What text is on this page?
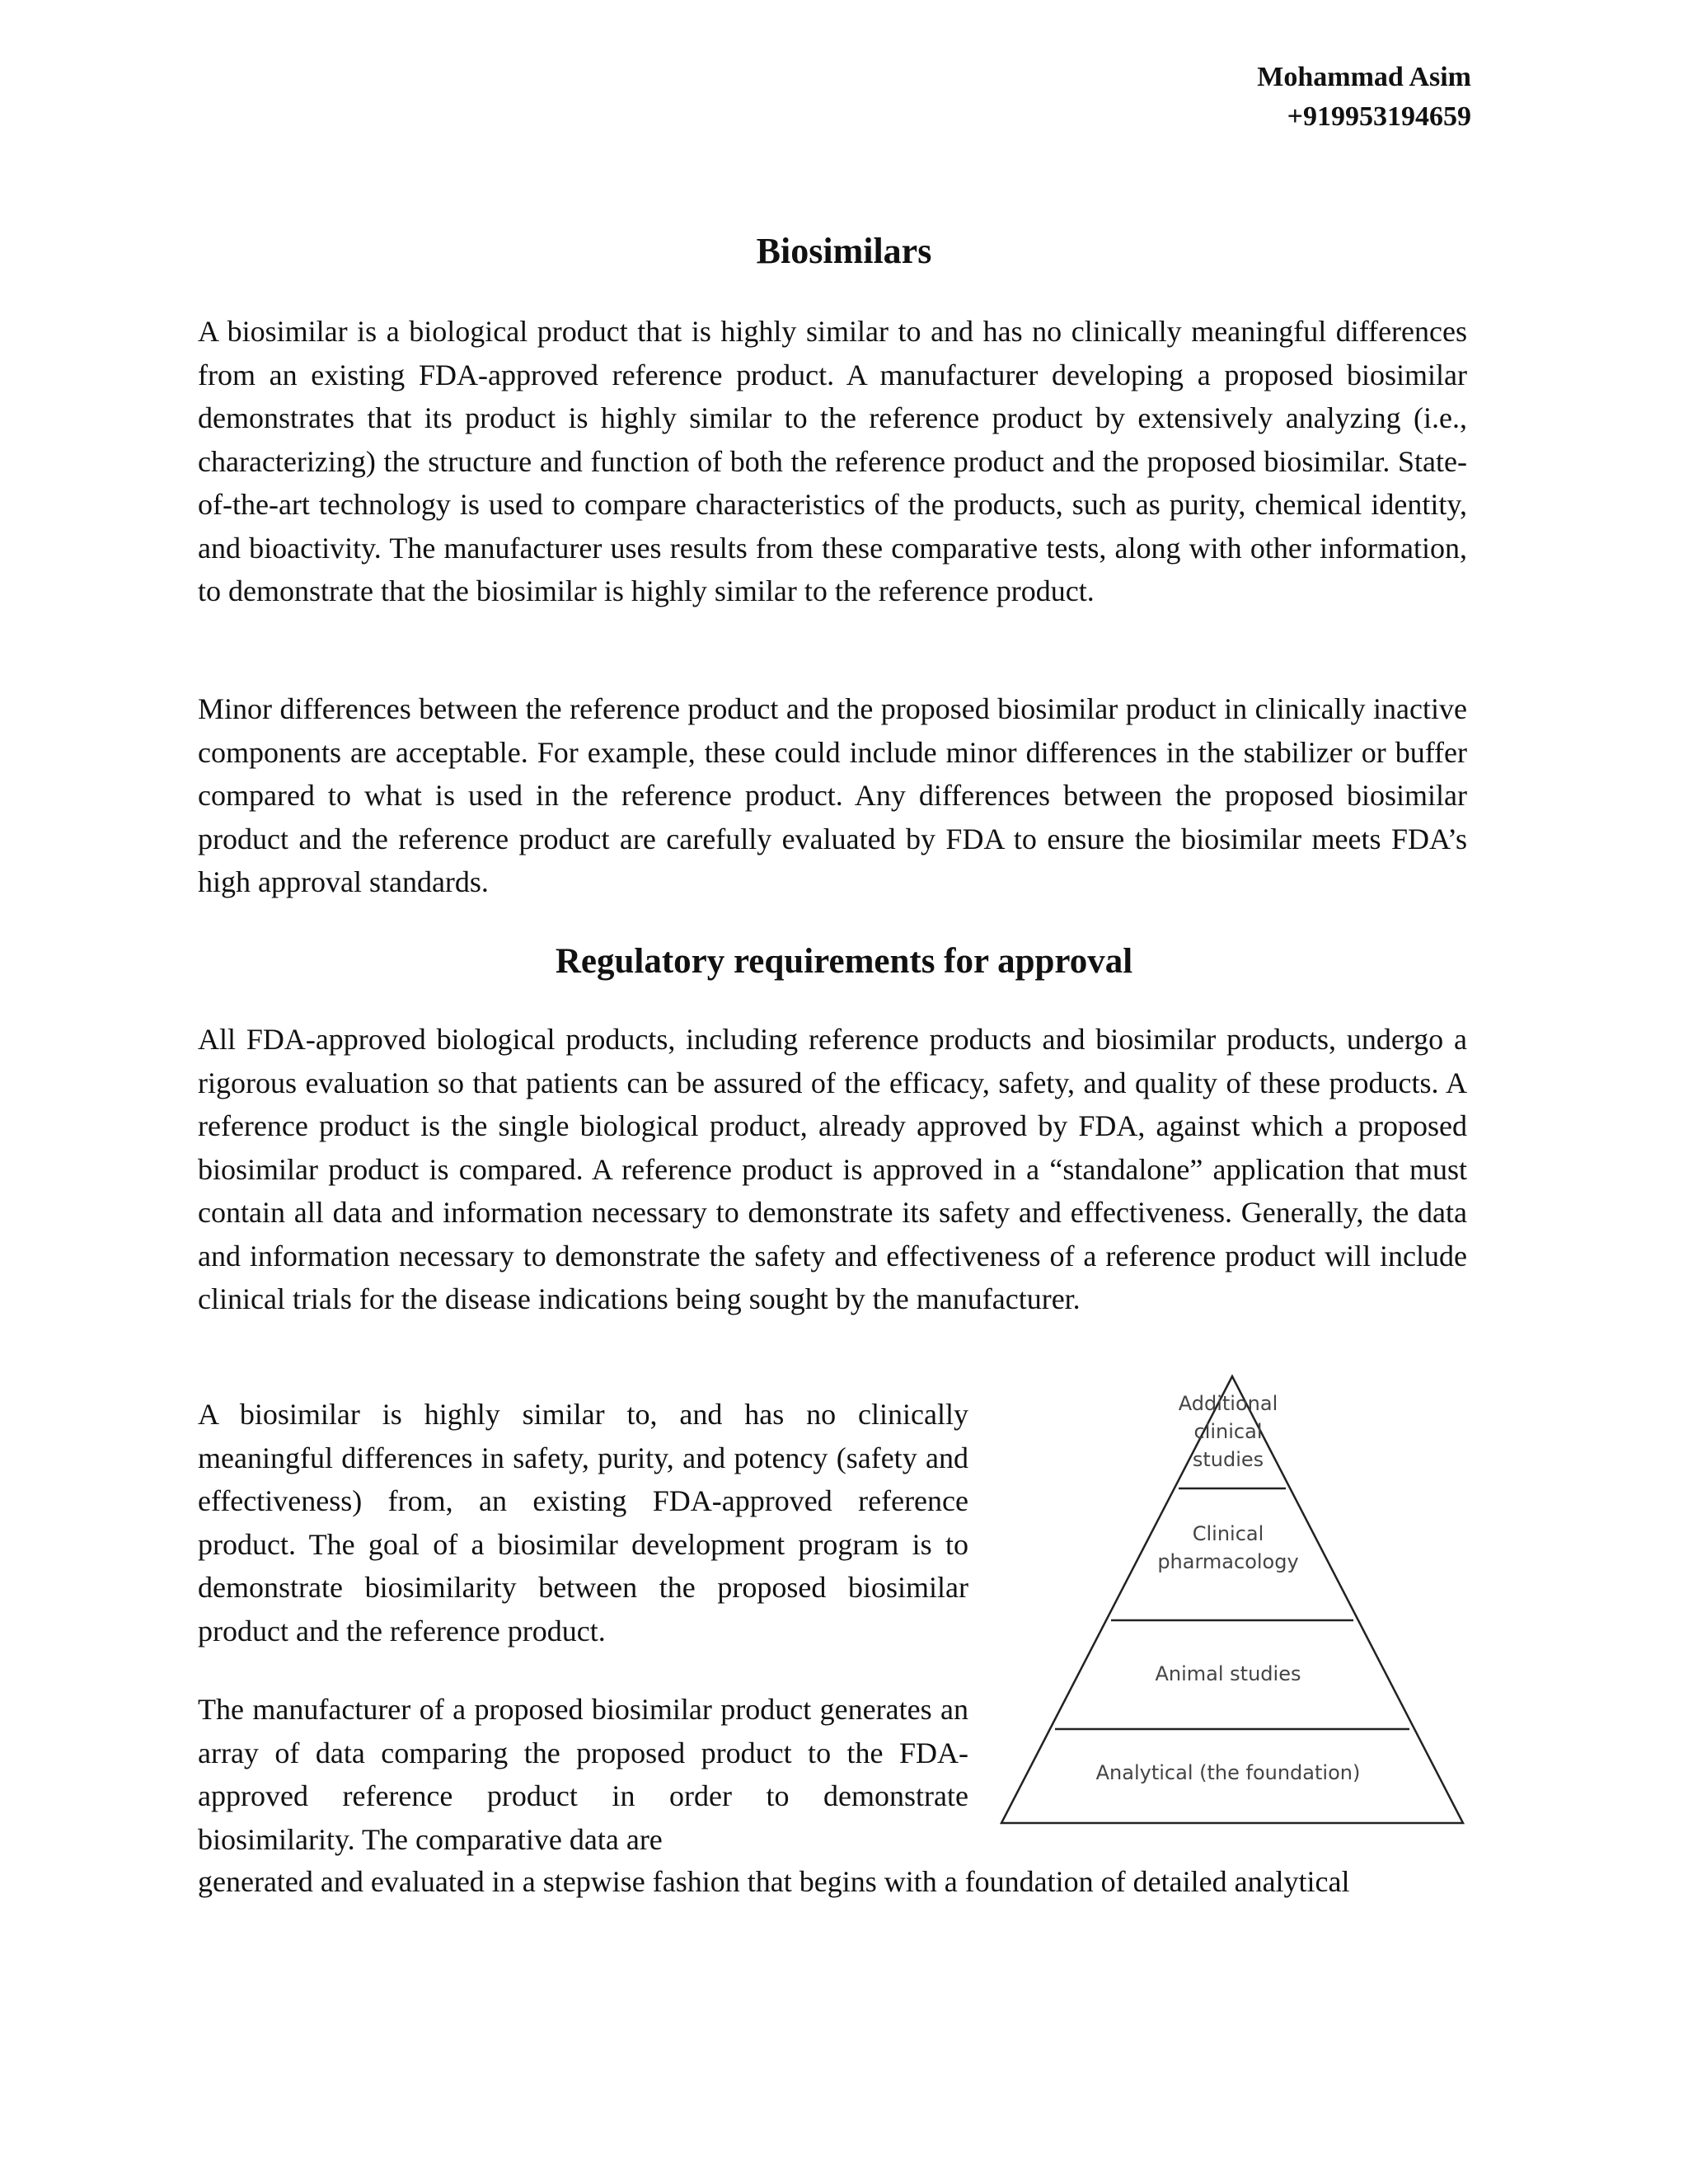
Mohammad Asim
+919953194659
Biosimilars

A biosimilar is a biological product that is highly similar to and has no clinically meaningful differences from an existing FDA-approved reference product. A manufacturer developing a proposed biosimilar demonstrates that its product is highly similar to the reference product by extensively analyzing (i.e., characterizing) the structure and function of both the reference product and the proposed biosimilar. State-of-the-art technology is used to compare characteristics of the products, such as purity, chemical identity, and bioactivity. The manufacturer uses results from these comparative tests, along with other information, to demonstrate that the biosimilar is highly similar to the reference product.

Minor differences between the reference product and the proposed biosimilar product in clinically inactive components are acceptable. For example, these could include minor differences in the stabilizer or buffer compared to what is used in the reference product. Any differences between the proposed biosimilar product and the reference product are carefully evaluated by FDA to ensure the biosimilar meets FDA’s high approval standards.

Regulatory requirements for approval

All FDA-approved biological products, including reference products and biosimilar products, undergo a rigorous evaluation so that patients can be assured of the efficacy, safety, and quality of these products. A reference product is the single biological product, already approved by FDA, against which a proposed biosimilar product is compared. A reference product is approved in a “standalone” application that must contain all data and information necessary to demonstrate its safety and effectiveness. Generally, the data and information necessary to demonstrate the safety and effectiveness of a reference product will include clinical trials for the disease indications being sought by the manufacturer.

A biosimilar is highly similar to, and has no clinically meaningful differences in safety, purity, and potency (safety and effectiveness) from, an existing FDA-approved reference product. The goal of a biosimilar development program is to demonstrate biosimilarity between the proposed biosimilar product and the reference product.

The manufacturer of a proposed biosimilar product generates an array of data comparing the proposed product to the FDA-approved reference product in order to demonstrate biosimilarity. The comparative data are

generated and evaluated in a stepwise fashion that begins with a foundation of detailed analytical

Additional
clinical
studies
Clinical
pharmacology
Animal studies
Analytical (the foundation)
